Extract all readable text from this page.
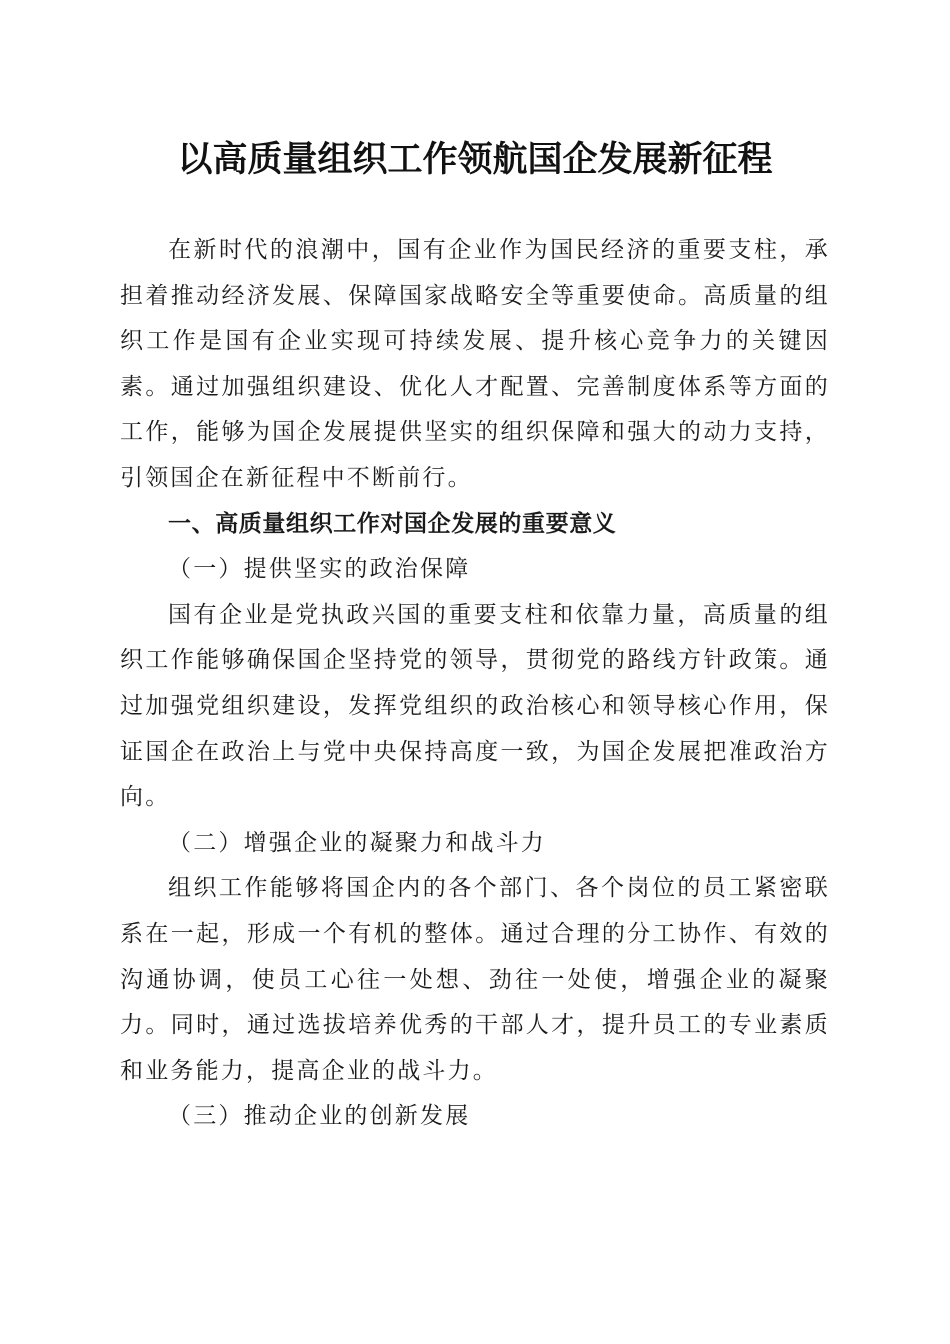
以高质量组织工作领航国企发展新征程

在新时代的浪潮中，国有企业作为国民经济的重要支柱，承担着推动经济发展、保障国家战略安全等重要使命。高质量的组织工作是国有企业实现可持续发展、提升核心竞争力的关键因素。通过加强组织建设、优化人才配置、完善制度体系等方面的工作，能够为国企发展提供坚实的组织保障和强大的动力支持，引领国企在新征程中不断前行。

一、高质量组织工作对国企发展的重要意义

（一）提供坚实的政治保障

国有企业是党执政兴国的重要支柱和依靠力量，高质量的组织工作能够确保国企坚持党的领导，贯彻党的路线方针政策。通过加强党组织建设，发挥党组织的政治核心和领导核心作用，保证国企在政治上与党中央保持高度一致，为国企发展把准政治方向。

（二）增强企业的凝聚力和战斗力

组织工作能够将国企内的各个部门、各个岗位的员工紧密联系在一起，形成一个有机的整体。通过合理的分工协作、有效的沟通协调，使员工心往一处想、劲往一处使，增强企业的凝聚力。同时，通过选拔培养优秀的干部人才，提升员工的专业素质和业务能力，提高企业的战斗力。

（三）推动企业的创新发展
